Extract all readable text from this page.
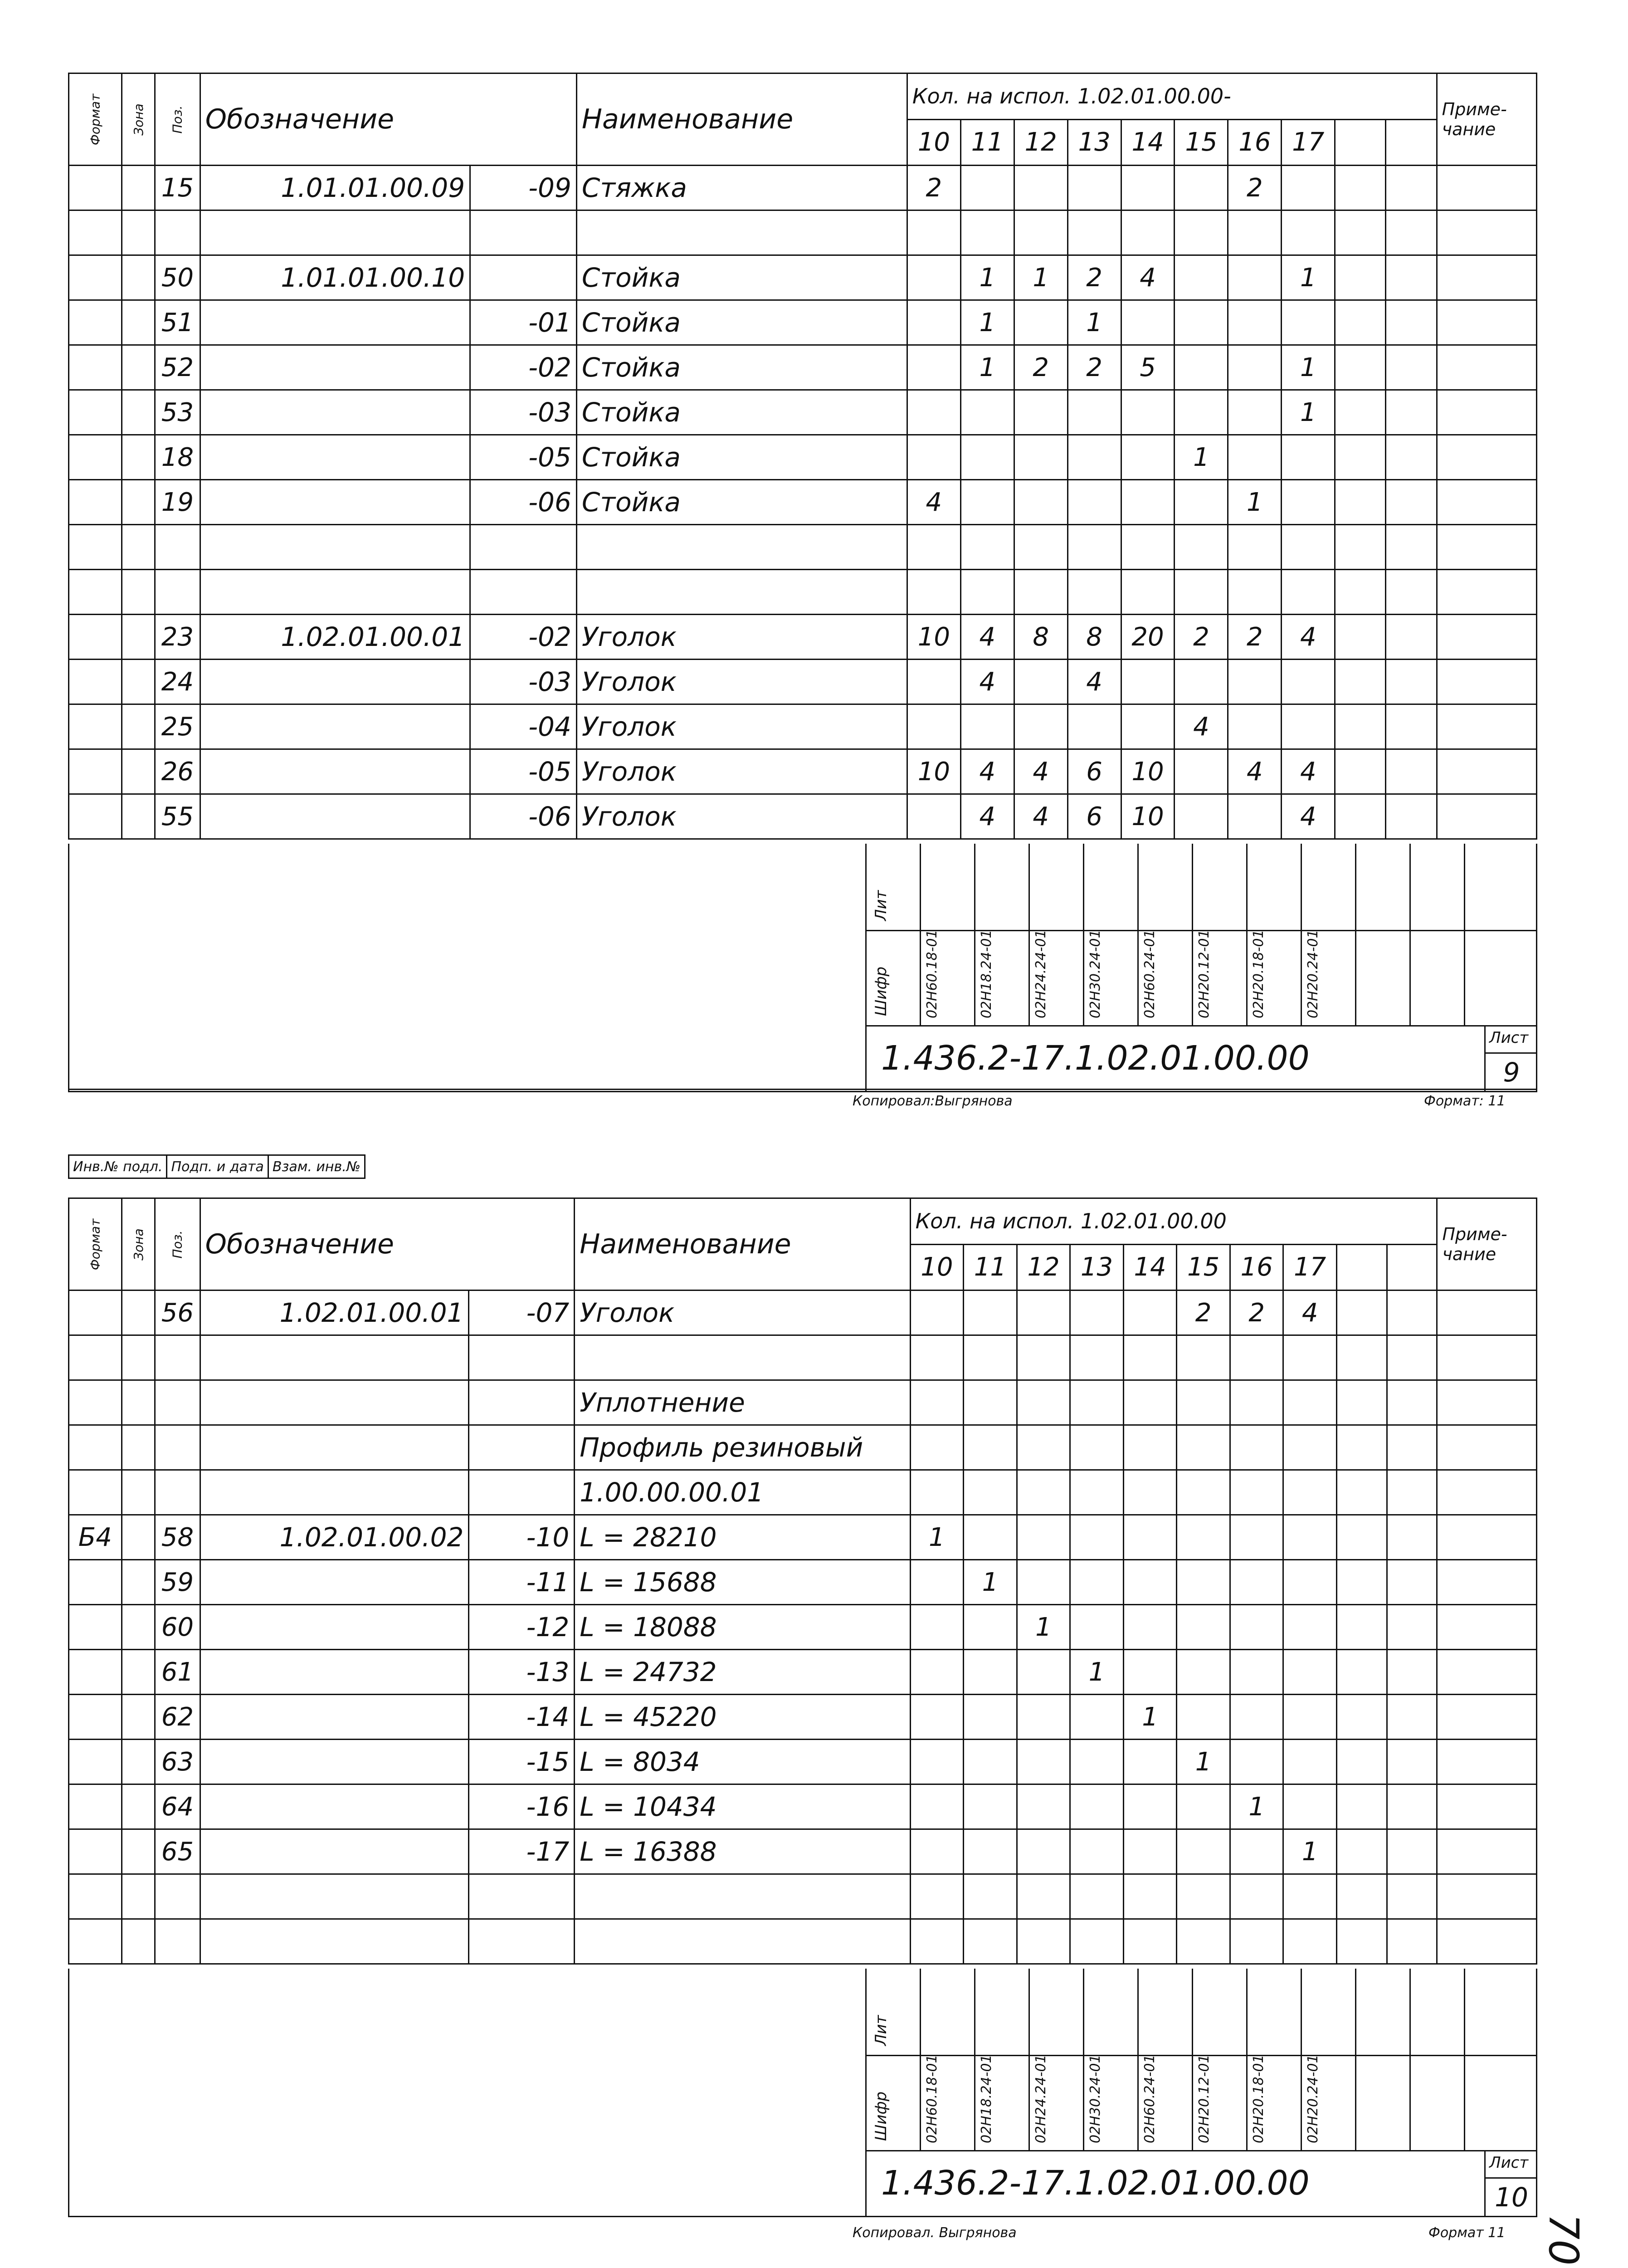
Формат	Зона	Поз.	Обозначение		Наименование	Кол. на испол. 1.02.01.00.00-										Приме-чание
						10	11	12	13	14	15	16	17			
		15	1.01.01.00.09	-09	Стяжка	2						2				

		50	1.01.01.00.10		Стойка		1	1	2	4			1			
		51		-01	Стойка		1		1							
		52		-02	Стойка		1	2	2	5			1			
		53		-03	Стойка								1			
		18		-05	Стойка						1					
		19		-06	Стойка	4						1				

		23	1.02.01.00.01	-02	Уголок	10	4	8	8	20	2	2	4			
		24		-03	Уголок		4		4							
		25		-04	Уголок						4					
		26		-05	Уголок	10	4	4	6	10		4	4			
		55		-06	Уголок		4	4	6	10			4			
Лит
Шифр	02Н60.18-01	02Н18.24-01	02Н24.24-01	02Н30.24-01	02Н60.24-01	02Н20.12-01	02Н20.18-01	02Н20.24-01
1.436.2-17.1.02.01.00.00
Лист
9
Копировал:Выгрянова	Формат: 11
Инв.№ подл.	Подп. и дата	Взам. инв.№
Формат	Зона	Поз.	Обозначение		Наименование	Кол. на испол. 1.02.01.00.00										Приме-чание
						10	11	12	13	14	15	16	17			
		56	1.02.01.00.01	-07	Уголок						2	2	4			

					Уплотнение											
					Профиль резиновый											
					1.00.00.00.01											
Б4		58	1.02.01.00.02	-10	L = 28210	1										
		59		-11	L = 15688		1									
		60		-12	L = 18088			1								
		61		-13	L = 24732				1							
		62		-14	L = 45220					1						
		63		-15	L = 8034						1					
		64		-16	L = 10434							1				
		65		-17	L = 16388								1			

Лит
Шифр	02Н60.18-01	02Н18.24-01	02Н24.24-01	02Н30.24-01	02Н60.24-01	02Н20.12-01	02Н20.18-01	02Н20.24-01
1.436.2-17.1.02.01.00.00
Лист
10
Копировал. Выгрянова	Формат 11 70
